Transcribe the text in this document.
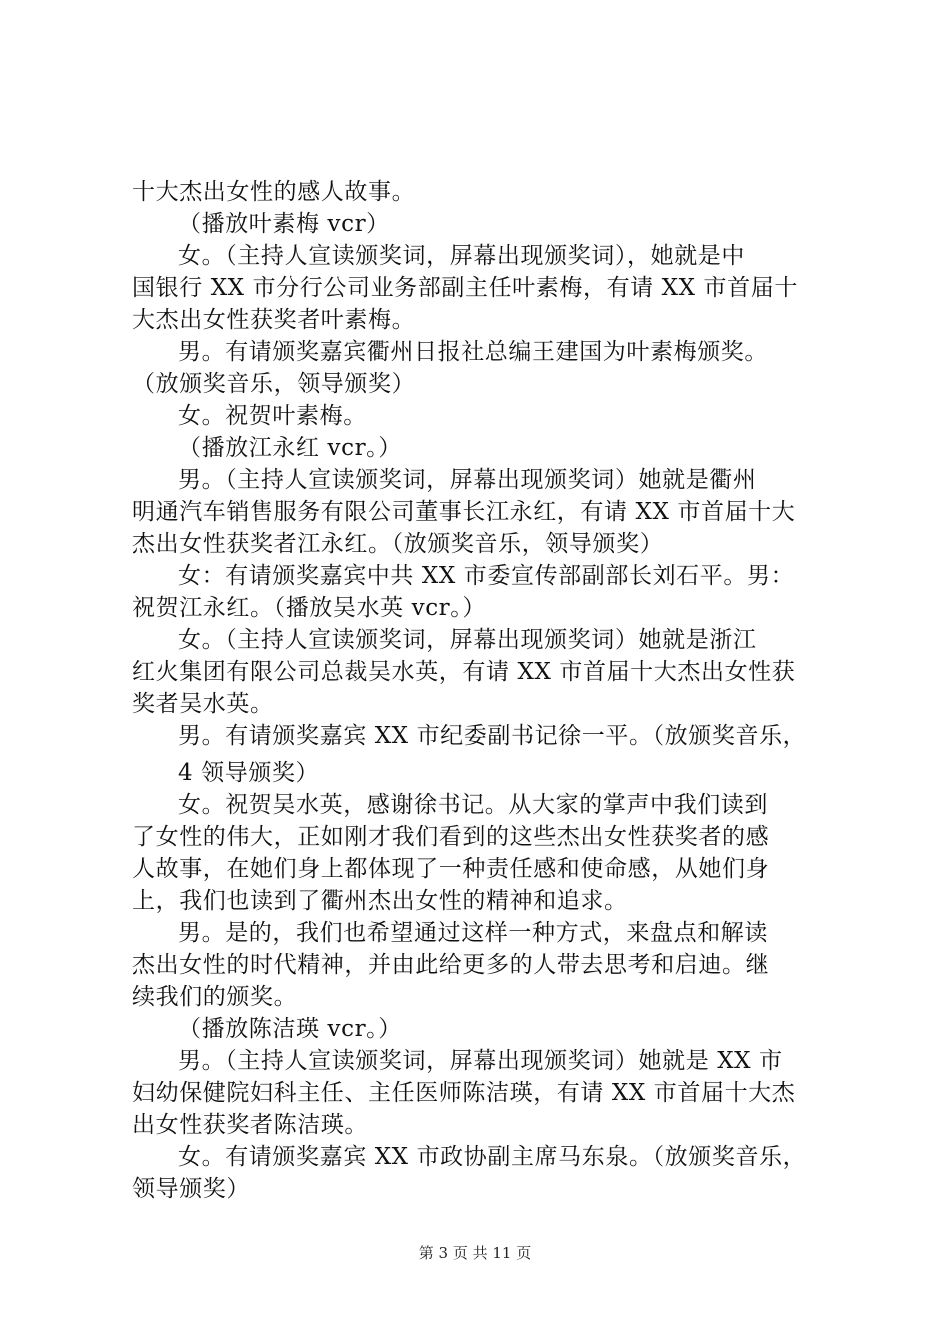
十大杰出女性的感人故事。
（播放叶素梅 vcr）
女。（主持人宣读颁奖词，屏幕出现颁奖词），她就是中
国银行 XX 市分行公司业务部副主任叶素梅，有请 XX 市首届十
大杰出女性获奖者叶素梅。
男。有请颁奖嘉宾衢州日报社总编王建国为叶素梅颁奖。
（放颁奖音乐，领导颁奖）
女。祝贺叶素梅。
（播放江永红 vcr。）
男。（主持人宣读颁奖词，屏幕出现颁奖词）她就是衢州
明通汽车销售服务有限公司董事长江永红，有请 XX 市首届十大
杰出女性获奖者江永红。（放颁奖音乐，领导颁奖）
女：有请颁奖嘉宾中共 XX 市委宣传部副部长刘石平。男：
祝贺江永红。（播放吴水英 vcr。）
女。（主持人宣读颁奖词，屏幕出现颁奖词）她就是浙江
红火集团有限公司总裁吴水英，有请 XX 市首届十大杰出女性获
奖者吴水英。
男。有请颁奖嘉宾 XX 市纪委副书记徐一平。（放颁奖音乐，
4 领导颁奖）
女。祝贺吴水英，感谢徐书记。从大家的掌声中我们读到
了女性的伟大，正如刚才我们看到的这些杰出女性获奖者的感
人故事，在她们身上都体现了一种责任感和使命感，从她们身
上，我们也读到了衢州杰出女性的精神和追求。
男。是的，我们也希望通过这样一种方式，来盘点和解读
杰出女性的时代精神，并由此给更多的人带去思考和启迪。继
续我们的颁奖。
（播放陈洁瑛 vcr。）
男。（主持人宣读颁奖词，屏幕出现颁奖词）她就是 XX 市
妇幼保健院妇科主任、主任医师陈洁瑛，有请 XX 市首届十大杰
出女性获奖者陈洁瑛。
女。有请颁奖嘉宾 XX 市政协副主席马东泉。（放颁奖音乐，
领导颁奖）
第 3 页 共 11 页
